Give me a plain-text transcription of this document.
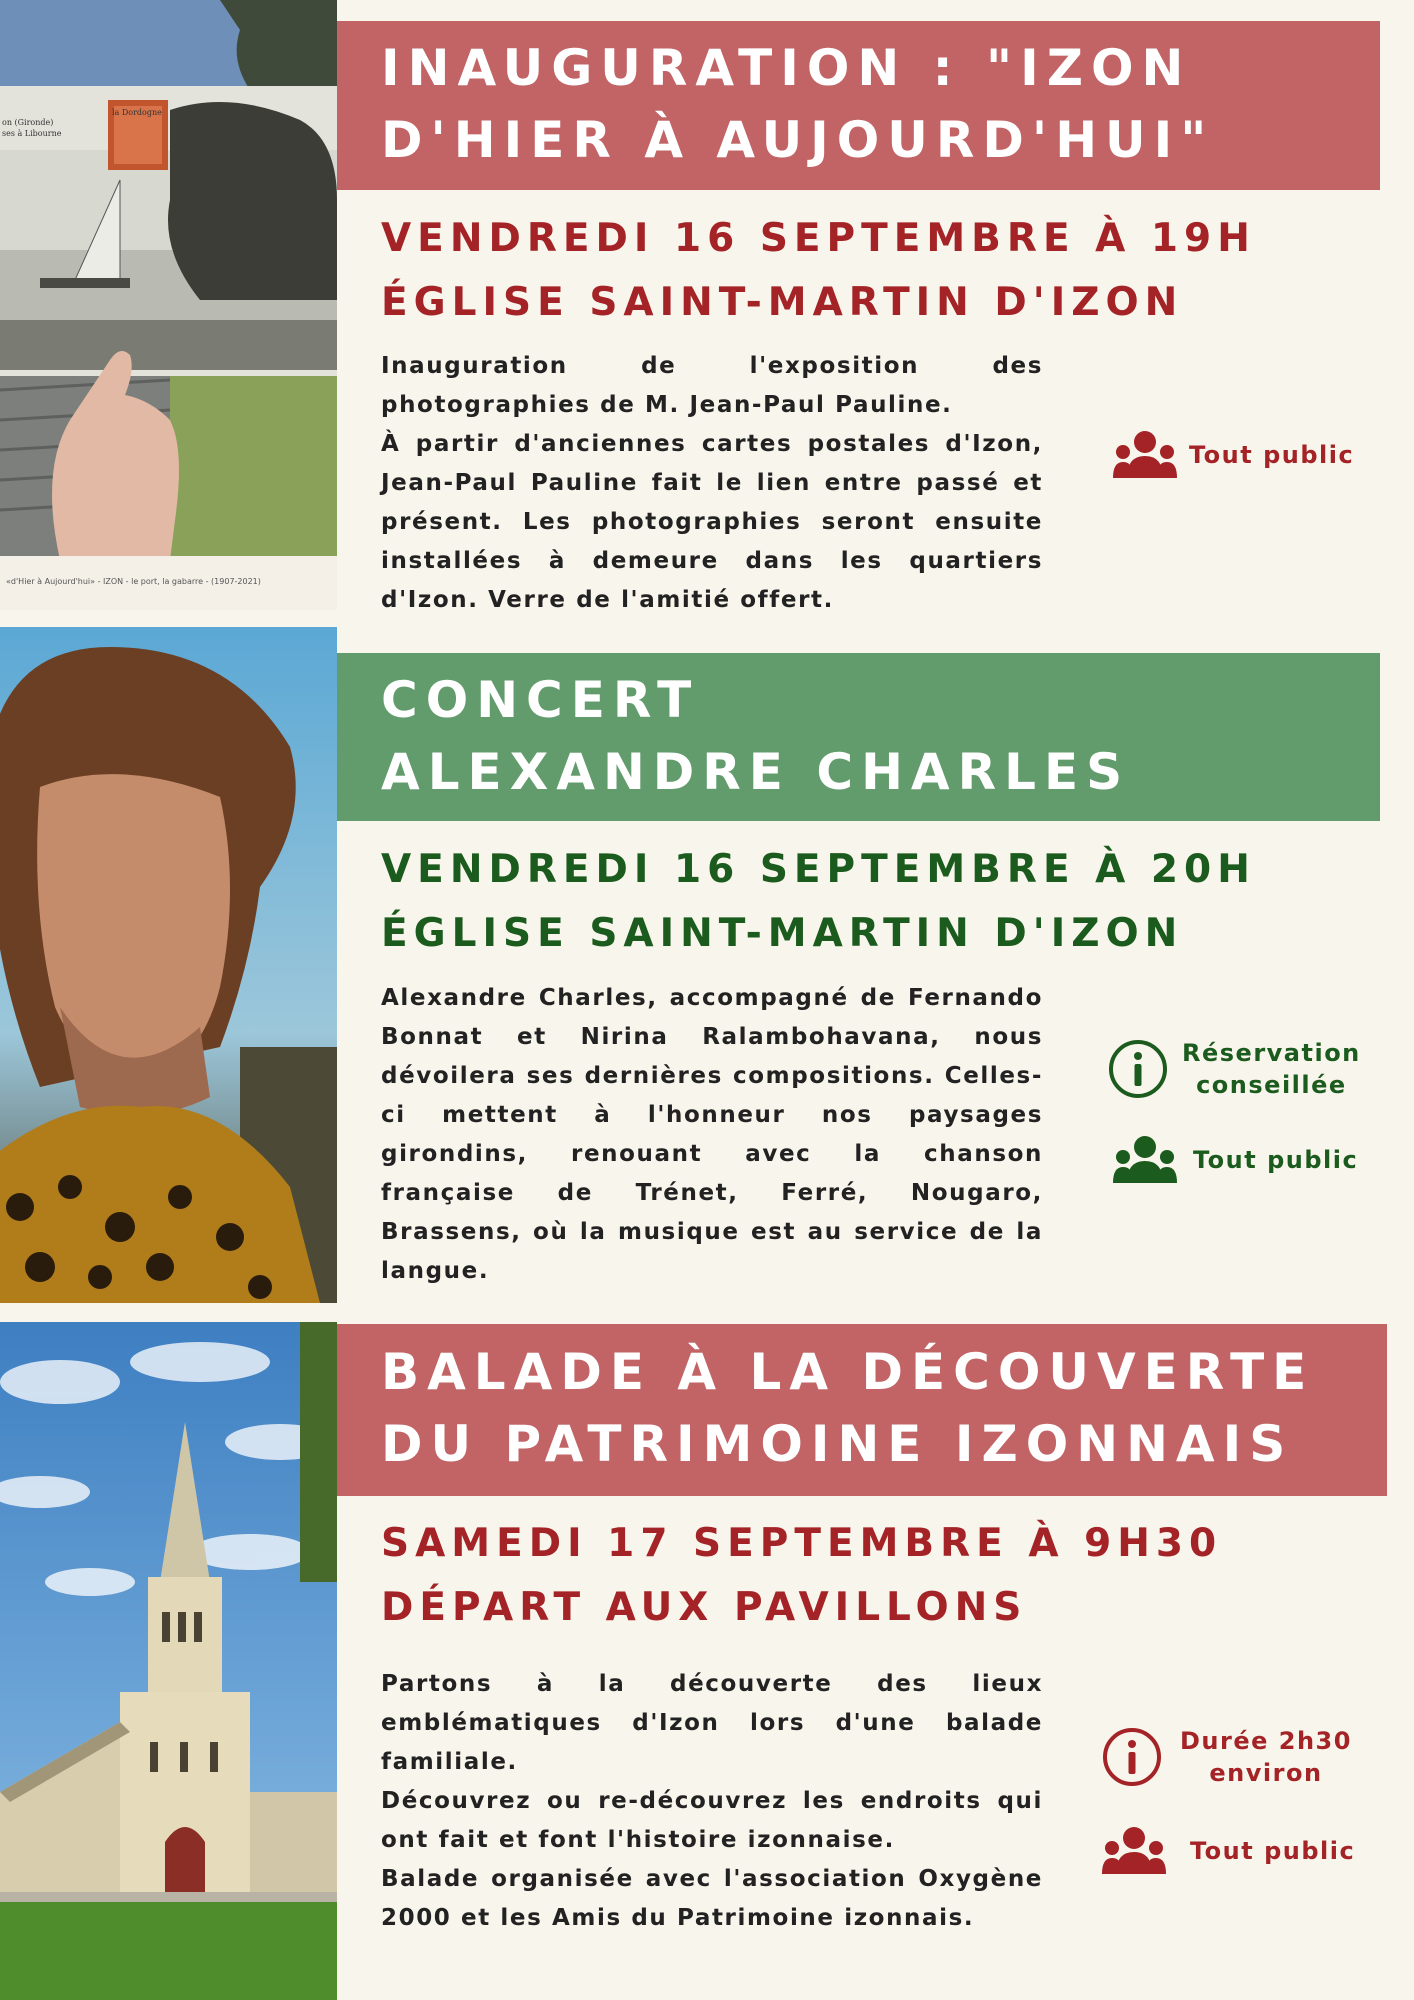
«d'Hier à Aujourd'hui» - IZON - le port, la gabarre - (1907-2021)
la Dordogne
on (Gironde)
ses à Libourne
INAUGURATION : "IZON
D'HIER À AUJOURD'HUI"
VENDREDI 16 SEPTEMBRE À 19H
ÉGLISE SAINT-MARTIN D'IZON

Inauguration de l'exposition des photographies de M. Jean-Paul Pauline.

À partir d'anciennes cartes postales d'Izon, Jean-Paul Pauline fait le lien entre passé et présent. Les photographies seront ensuite installées à demeure dans les quartiers d'Izon. Verre de l'amitié offert.

Tout public
CONCERT
ALEXANDRE CHARLES
VENDREDI 16 SEPTEMBRE À 20H
ÉGLISE SAINT-MARTIN D'IZON

Alexandre Charles, accompagné de Fernando Bonnat et Nirina Ralambohavana, nous dévoilera ses dernières compositions. Celles-ci mettent à l'honneur nos paysages girondins, renouant avec la chanson française de Trénet, Ferré, Nougaro, Brassens, où la musique est au service de la langue.

Réservation
conseillée
Tout public
BALADE À LA DÉCOUVERTE
DU PATRIMOINE IZONNAIS
SAMEDI 17 SEPTEMBRE À 9H30
DÉPART AUX PAVILLONS

Partons à la découverte des lieux emblématiques d'Izon lors d'une balade familiale.

Découvrez ou re-découvrez les endroits qui ont fait et font l'histoire izonnaise.

Balade organisée avec l'association Oxygène 2000 et les Amis du Patrimoine izonnais.

Durée 2h30
environ
Tout public
